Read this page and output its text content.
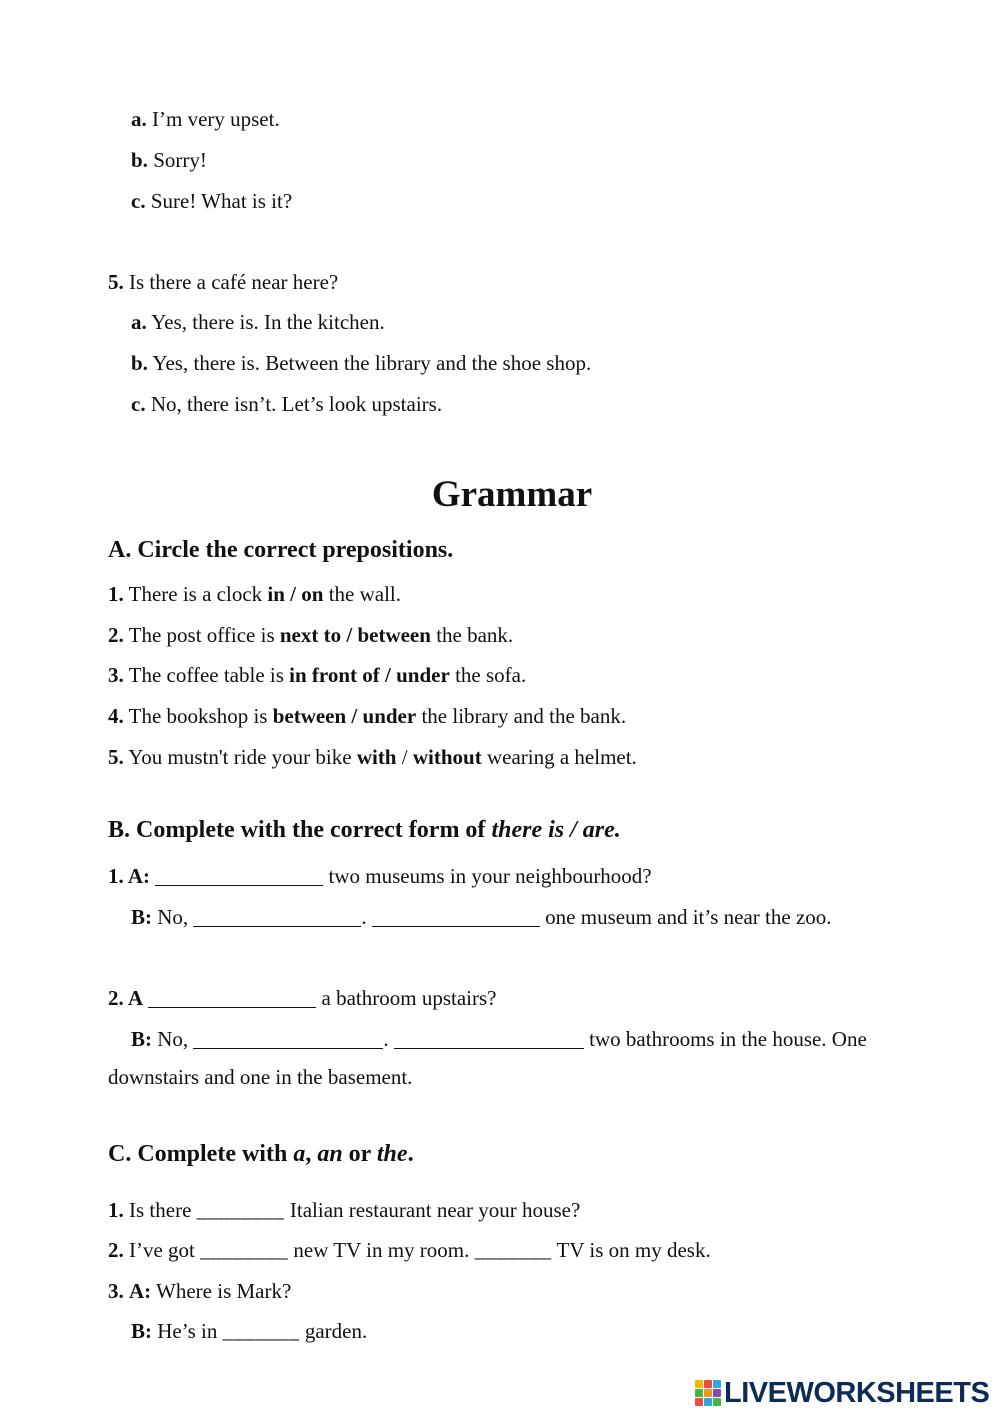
a. I’m very upset.
b. Sorry!
c. Sure! What is it?
5. Is there a café near here?
a. Yes, there is. In the kitchen.
b. Yes, there is. Between the library and the shoe shop.
c. No, there isn’t. Let’s look upstairs.
Grammar
A. Circle the correct prepositions.
1. There is a clock in / on the wall.
2. The post office is next to / between the bank.
3. The coffee table is in front of / under the sofa.
4. The bookshop is between / under the library and the bank.
5. You mustn't ride your bike with / without wearing a helmet.
B. Complete with the correct form of there is / are.
1. A:	two museums in your neighbourhood?
B: No,	.	one museum and it’s near the zoo.
2. A	a bathroom upstairs?
B: No,	.	two bathrooms in the house. One
downstairs and one in the basement.
C. Complete with a, an or the.
1. Is there ________ Italian restaurant near your house?
2. I’ve got ________ new TV in my room. _______ TV is on my desk.
3. A: Where is Mark?
B: He’s in _______ garden.
LIVEWORKSHEETS
